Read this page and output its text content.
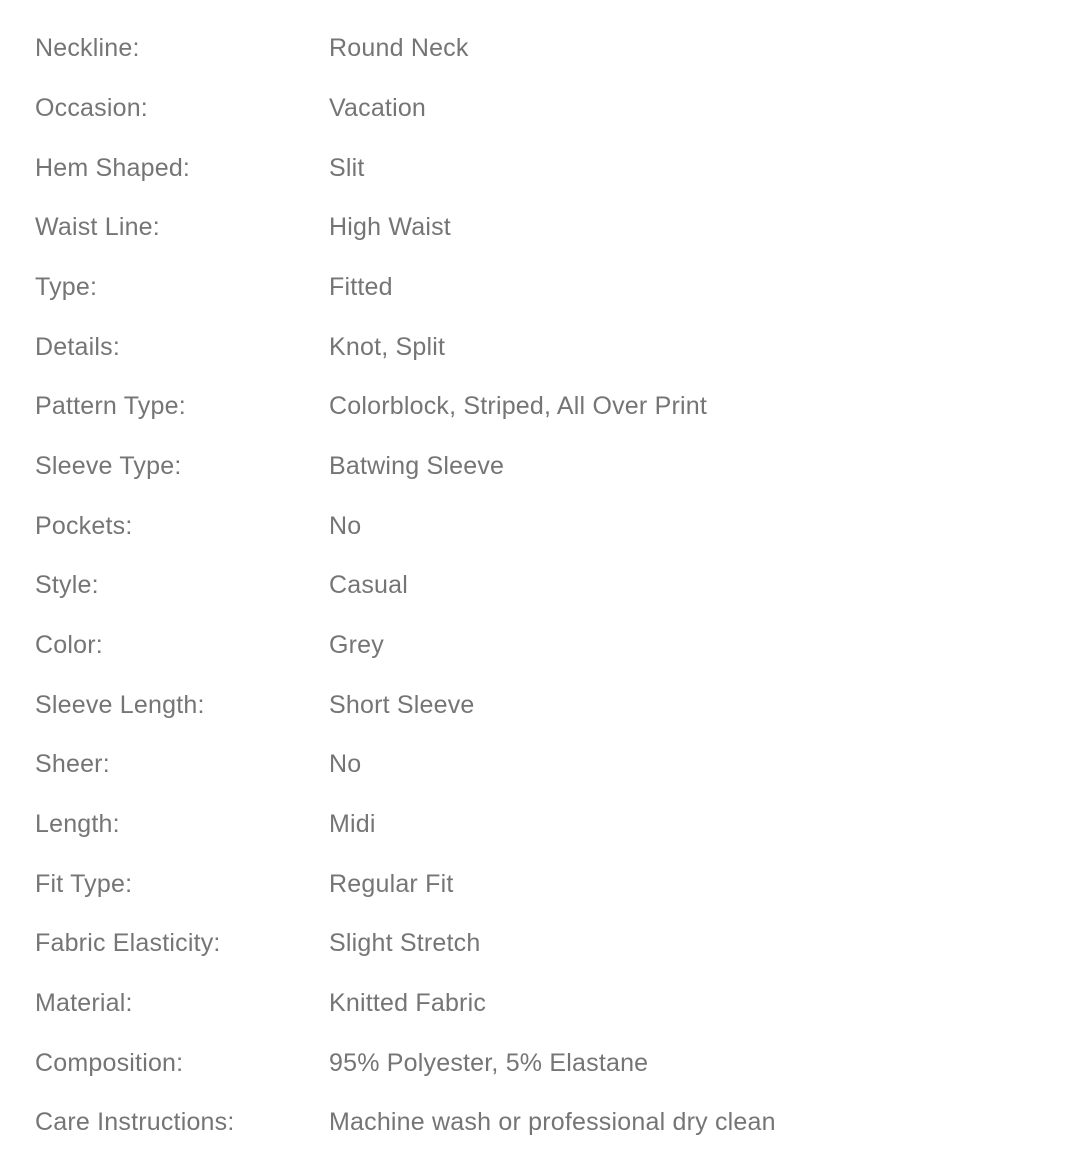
Neckline:	Round Neck
Occasion:	Vacation
Hem Shaped:	Slit
Waist Line:	High Waist
Type:	Fitted
Details:	Knot, Split
Pattern Type:	Colorblock, Striped, All Over Print
Sleeve Type:	Batwing Sleeve
Pockets:	No
Style:	Casual
Color:	Grey
Sleeve Length:	Short Sleeve
Sheer:	No
Length:	Midi
Fit Type:	Regular Fit
Fabric Elasticity:	Slight Stretch
Material:	Knitted Fabric
Composition:	95% Polyester, 5% Elastane
Care Instructions:	Machine wash or professional dry clean
